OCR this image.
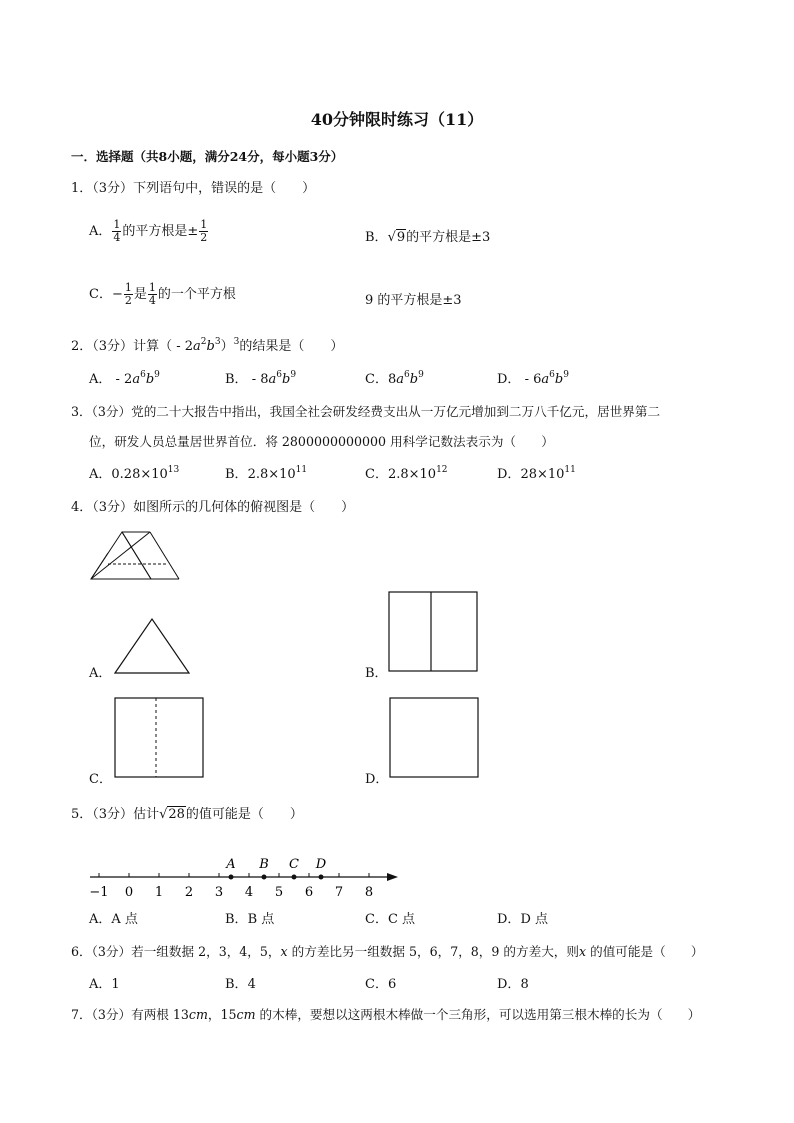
40分钟限时练习（11）
一．选择题（共8小题，满分24分，每小题3分）
1．（3分）下列语句中，错误的是（　　）
A． $\frac{1}{4}$ 的平方根是± $\frac{1}{2}$	B．√9的平方根是±3
C．− $\frac{1}{2}$ 是 $\frac{1}{4}$ 的一个平方根	9 的平方根是±3
2．（3分）计算（ - $2a^2b^3)^3$的结果是（　　）
A． - $2a^6b^9$	B． - $8a^6b^9$	C．$8a^6b^9$	D． - $6a^6b^9$
3．（3分）党的二十大报告中指出，我国全社会研发经费支出从一万亿元增加到二万八千亿元，居世界第二
位，研发人员总量居世界首位．将 2800000000000 用科学记数法表示为（　　）
A．$0.28\times 10^{13}$	B．$2.8\times 10^{11}$	C．$2.8\times 10^{12}$	D．$28\times 10^{11}$
4．（3分）如图所示的几何体的俯视图是（　　）
A．	B．
C．	D．
5．（3分）估计√28的值可能是（　　）
−1 0 1 2 3 4 5 6 7 8
A B C D
A．A 点	B．B 点	C．C 点	D．D 点
6．（3分）若一组数据 2，3，4，5，x 的方差比另一组数据 5，6，7，8，9 的方差大，则x 的值可能是（　　）
A．1	B．4	C．6	D．8
7．（3分）有两根 13cm，15cm 的木棒，要想以这两根木棒做一个三角形，可以选用第三根木棒的长为（　　）
